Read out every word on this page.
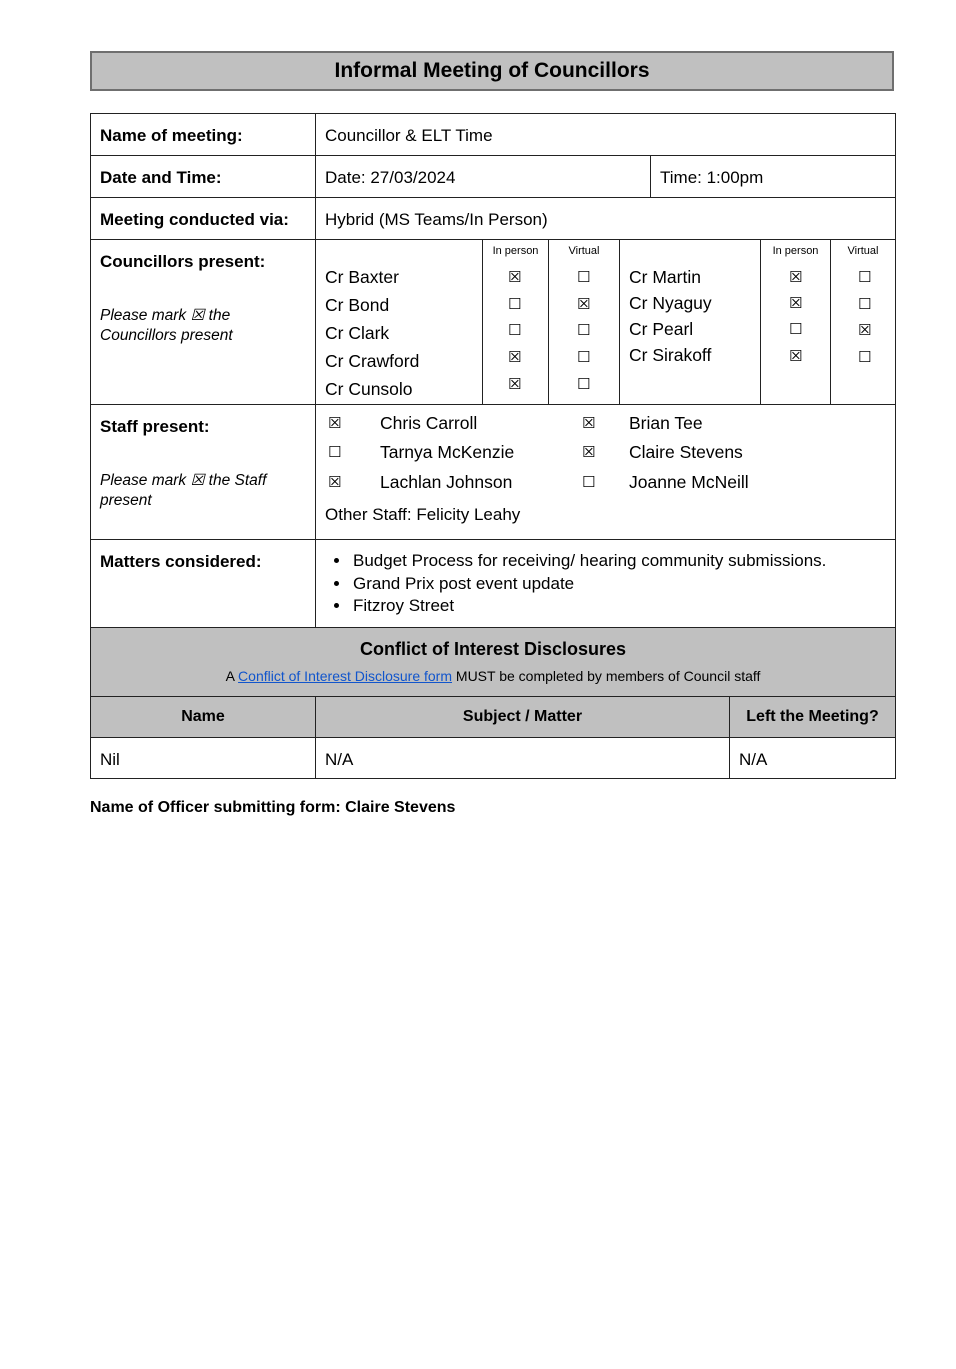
Informal Meeting of Councillors
Name of meeting:	Councillor & ELT Time
Date and Time:	Date: 27/03/2024	Time: 1:00pm
Meeting conducted via:	Hybrid (MS Teams/In Person)
Councillors present:
Please mark ☒ the Councillors present
Cr Baxter
Cr Bond
Cr Clark
Cr Crawford
Cr Cunsolo
In person
☒
☐
☐
☒
☒
Virtual
☐
☒
☐
☐
☐
Cr Martin
Cr Nyaguy
Cr Pearl
Cr Sirakoff
In person
☒
☒
☐
☒
Virtual
☐
☐
☒
☐
Staff present:
Please mark ☒ the Staff present
☒ Chris Carroll
☐ Tarnya McKenzie
☒ Lachlan Johnson
☒ Brian Tee
☒ Claire Stevens
☐ Joanne McNeill
Other Staff: Felicity Leahy
Matters considered:
•	Budget Process for receiving/ hearing community submissions.
• Grand Prix post event update
• Fitzroy Street
Conflict of Interest Disclosures
A Conflict of Interest Disclosure form MUST be completed by members of Council staff
Name	Subject / Matter	Left the Meeting?
Nil	N/A	N/A
Name of Officer submitting form: Claire Stevens
